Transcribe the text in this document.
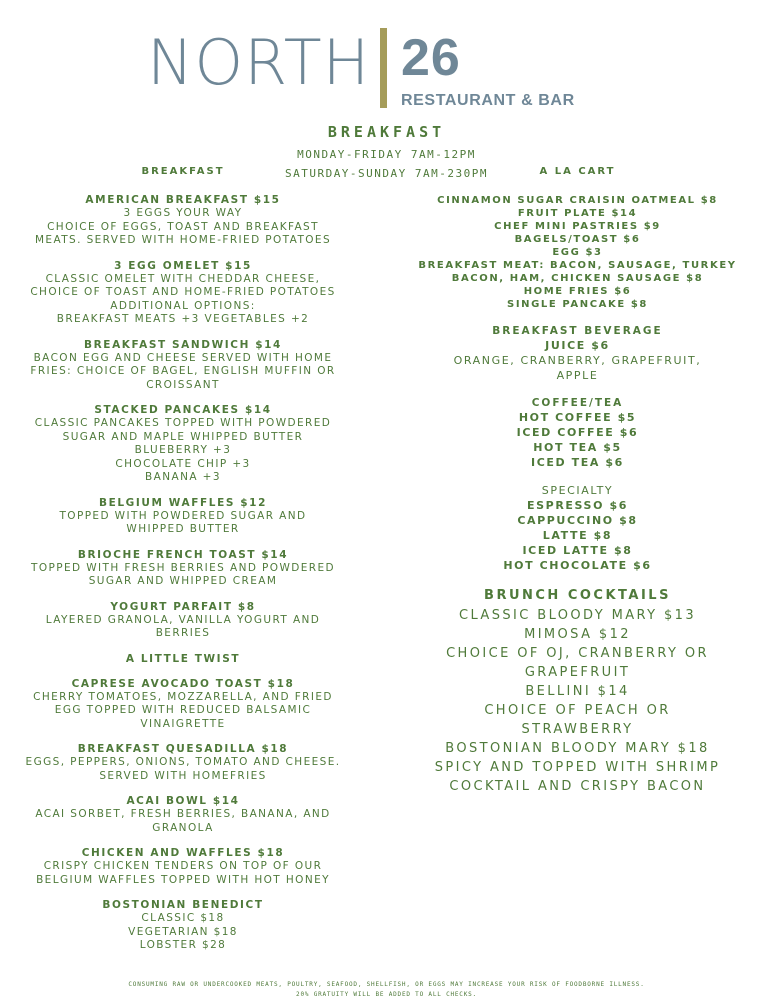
NORTH 26
RESTAURANT & BAR
BREAKFAST
MONDAY-FRIDAY 7AM-12PM
SATURDAY-SUNDAY 7AM-230PM
BREAKFAST
AMERICAN BREAKFAST $15
3 EGGS YOUR WAY
CHOICE OF EGGS, TOAST AND BREAKFAST
MEATS. SERVED WITH HOME-FRIED POTATOES
3 EGG OMELET $15
CLASSIC OMELET WITH CHEDDAR CHEESE,
CHOICE OF TOAST AND HOME-FRIED POTATOES
ADDITIONAL OPTIONS:
BREAKFAST MEATS +3 VEGETABLES +2
BREAKFAST SANDWICH $14
BACON EGG AND CHEESE SERVED WITH HOME
FRIES: CHOICE OF BAGEL, ENGLISH MUFFIN OR
CROISSANT
STACKED PANCAKES $14
CLASSIC PANCAKES TOPPED WITH POWDERED
SUGAR AND MAPLE WHIPPED BUTTER
BLUEBERRY +3
CHOCOLATE CHIP +3
BANANA +3
BELGIUM WAFFLES $12
TOPPED WITH POWDERED SUGAR AND
WHIPPED BUTTER
BRIOCHE FRENCH TOAST $14
TOPPED WITH FRESH BERRIES AND POWDERED
SUGAR AND WHIPPED CREAM
YOGURT PARFAIT $8
LAYERED GRANOLA, VANILLA YOGURT AND
BERRIES
A LITTLE TWIST
CAPRESE AVOCADO TOAST $18
CHERRY TOMATOES, MOZZARELLA, AND FRIED
EGG TOPPED WITH REDUCED BALSAMIC
VINAIGRETTE
BREAKFAST QUESADILLA $18
EGGS, PEPPERS, ONIONS, TOMATO AND CHEESE.
SERVED WITH HOMEFRIES
ACAI BOWL $14
ACAI SORBET, FRESH BERRIES, BANANA, AND
GRANOLA
CHICKEN AND WAFFLES $18
CRISPY CHICKEN TENDERS ON TOP OF OUR
BELGIUM WAFFLES TOPPED WITH HOT HONEY
BOSTONIAN BENEDICT
CLASSIC $18
VEGETARIAN $18
LOBSTER $28
A LA CART
CINNAMON SUGAR CRAISIN OATMEAL $8
FRUIT PLATE $14
CHEF MINI PASTRIES $9
BAGELS/TOAST $6
EGG $3
BREAKFAST MEAT: BACON, SAUSAGE, TURKEY
BACON, HAM, CHICKEN SAUSAGE $8
HOME FRIES $6
SINGLE PANCAKE $8
BREAKFAST BEVERAGE
JUICE $6
ORANGE, CRANBERRY, GRAPEFRUIT,
APPLE
COFFEE/TEA
HOT COFFEE $5
ICED COFFEE $6
HOT TEA $5
ICED TEA $6
SPECIALTY
ESPRESSO $6
CAPPUCCINO $8
LATTE $8
ICED LATTE $8
HOT CHOCOLATE $6
BRUNCH COCKTAILS
CLASSIC BLOODY MARY $13
MIMOSA $12
CHOICE OF OJ, CRANBERRY OR
GRAPEFRUIT
BELLINI $14
CHOICE OF PEACH OR
STRAWBERRY
BOSTONIAN BLOODY MARY $18
SPICY AND TOPPED WITH SHRIMP
COCKTAIL AND CRISPY BACON
CONSUMING RAW OR UNDERCOOKED MEATS, POULTRY, SEAFOOD, SHELLFISH, OR EGGS MAY INCREASE YOUR RISK OF FOODBORNE ILLNESS.
20% GRATUITY WILL BE ADDED TO ALL CHECKS.
